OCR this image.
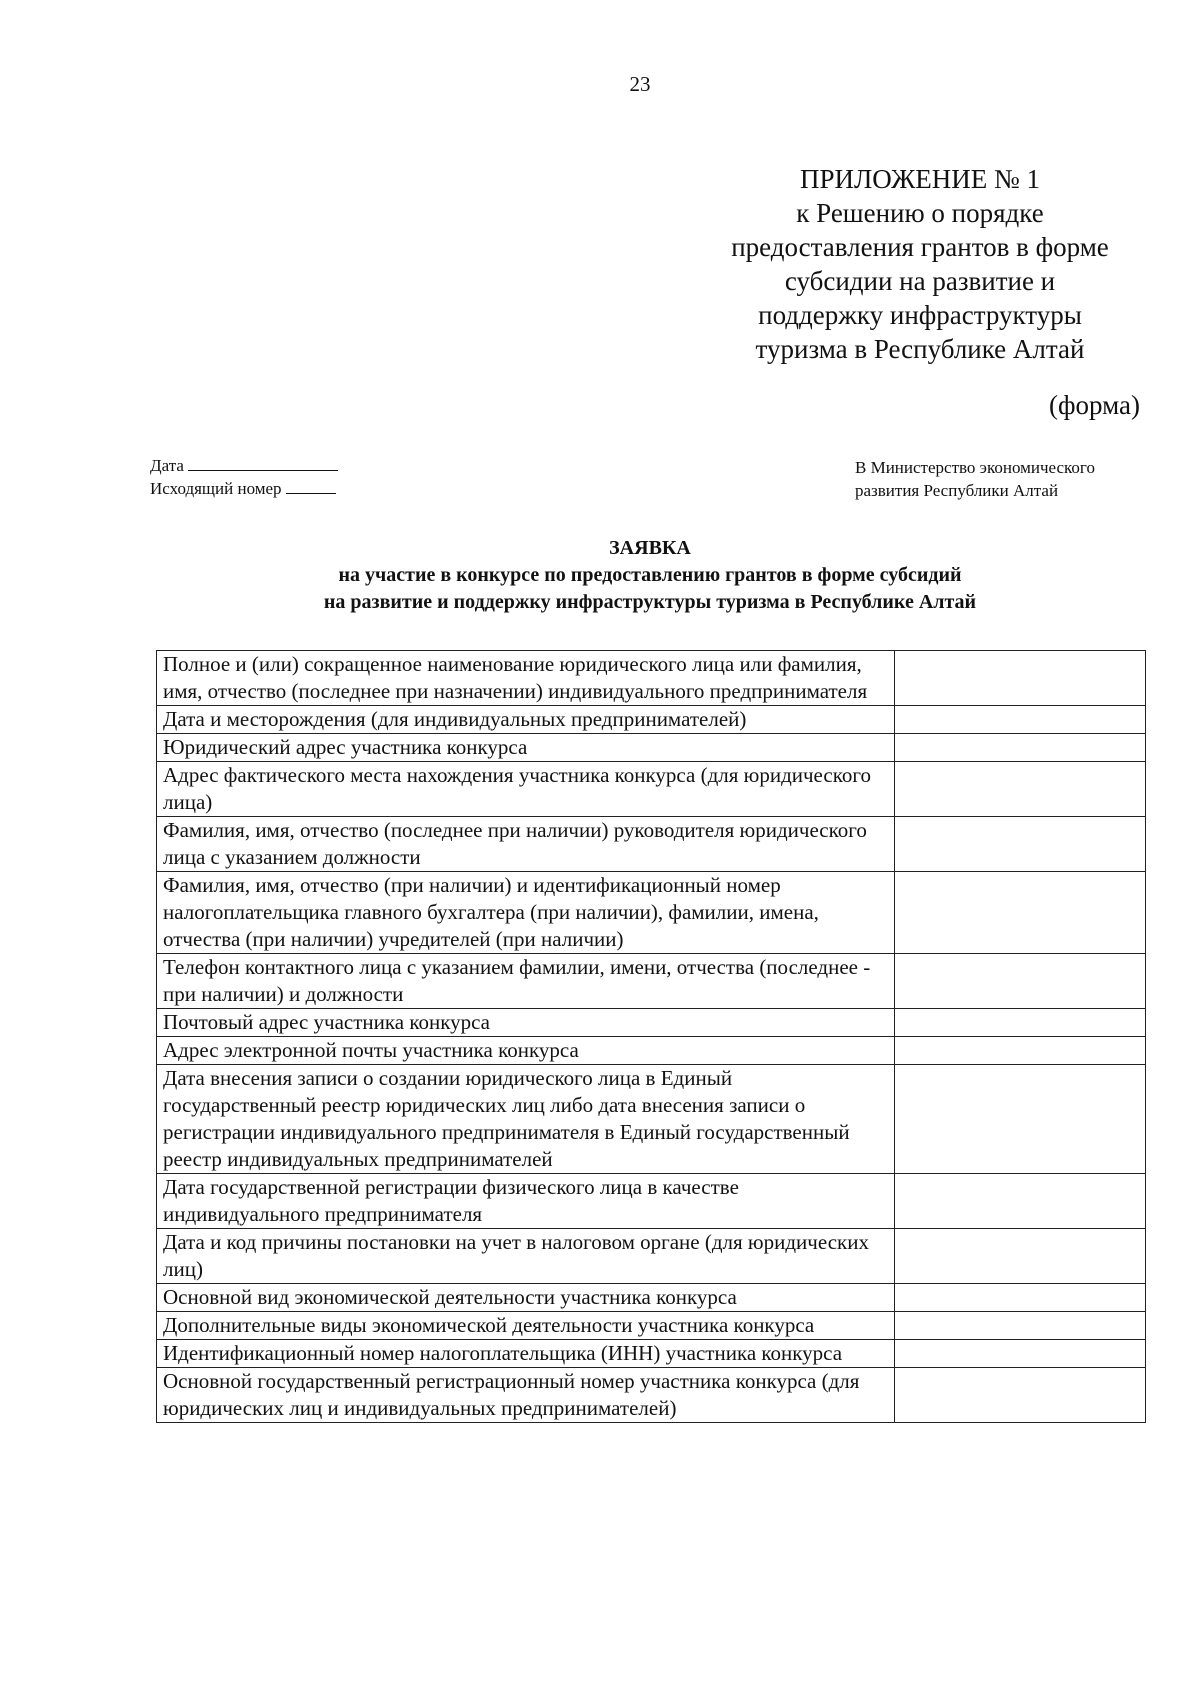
23
ПРИЛОЖЕНИЕ № 1
к Решению о порядке
предоставления грантов в форме
субсидии на развитие и
поддержку инфраструктуры
туризма в Республике Алтай
(форма)
Дата
Исходящий номер
В Министерство экономического
развития Республики Алтай
ЗАЯВКА
на участие в конкурсе по предоставлению грантов в форме субсидий
на развитие и поддержку инфраструктуры туризма в Республике Алтай
Полное и (или) сокращенное наименование юридического лица или фамилия, имя, отчество (последнее при назначении) индивидуального предпринимателя	
Дата и месторождения (для индивидуальных предпринимателей)	
Юридический адрес участника конкурса	
Адрес фактического места нахождения участника конкурса (для юридического лица)	
Фамилия, имя, отчество (последнее при наличии) руководителя юридического лица с указанием должности	
Фамилия, имя, отчество (при наличии) и идентификационный номер налогоплательщика главного бухгалтера (при наличии), фамилии, имена, отчества (при наличии) учредителей (при наличии)	
Телефон контактного лица с указанием фамилии, имени, отчества (последнее - при наличии) и должности	
Почтовый адрес участника конкурса	
Адрес электронной почты участника конкурса	
Дата внесения записи о создании юридического лица в Единый государственный реестр юридических лиц либо дата внесения записи о регистрации индивидуального предпринимателя в Единый государственный реестр индивидуальных предпринимателей	
Дата государственной регистрации физического лица в качестве индивидуального предпринимателя	
Дата и код причины постановки на учет в налоговом органе (для юридических лиц)	
Основной вид экономической деятельности участника конкурса	
Дополнительные виды экономической деятельности участника конкурса	
Идентификационный номер налогоплательщика (ИНН) участника конкурса	
Основной государственный регистрационный номер участника конкурса (для юридических лиц и индивидуальных предпринимателей)	
